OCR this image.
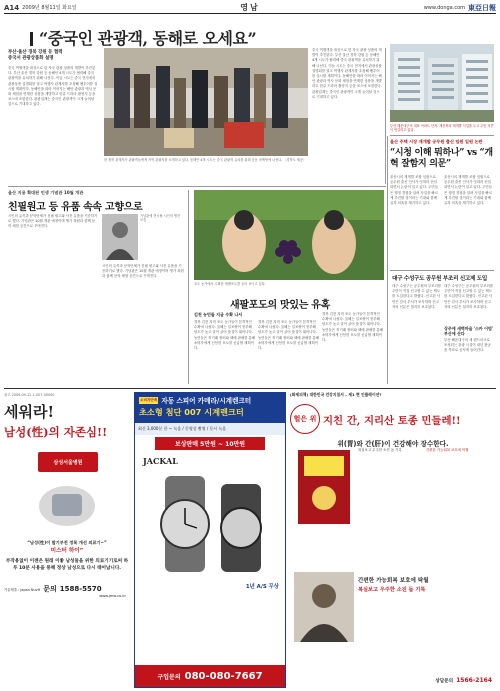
A14 2009년 8월11일 화요일	영남	www.donga.com 東亞日報
“중국인 관광객, 동해로 오세요”
부산·울산 경북 강원 등 협력
중국서 관광상품화 설명
중국 여행객을 대상으로 한 자국 관광 상품의 개발이 추진된다. 부산 울산 경북 강원 등 동해안 4개 시도가 협력해 중국 관광객을 유치하기 위해 나선다. 이들 시도는 중국 현지에서 관광상품 설명회를 열고 여행사 관계자를 초청해 팸투어를 실시할 계획이다. 동해안을 따라 이어지는 해안 관광과 역사 문화 체험을 연계한 상품을 개발하고 한류 드라마 촬영지 등을 코스에 포함한다. 관광업계는 중국인 관광객이 크게 늘어날 것으로 기대하고 있다.
한 경북 관계자가 관광객들에게 지역 관광지를 소개하고 있다. 동해안 4개 시도는 중국 관광객 유치를 위해 공동 마케팅에 나선다. 〈경북도 제공〉
중국 여행객을 대상으로 한 자국 관광 상품의 개발이 추진된다. 부산 울산 경북 강원 등 동해안 4개 시도가 협력해 중국 관광객을 유치하기 위해 나선다. 이들 시도는 중국 현지에서 관광상품 설명회를 열고 여행사 관계자를 초청해 팸투어를 실시할 계획이다. 동해안을 따라 이어지는 해안 관광과 역사 문화 체험을 연계한 상품을 개발하고 한류 드라마 촬영지 등을 코스에 포함한다. 관광업계는 중국인 관광객이 크게 늘어날 것으로 기대하고 있다.
부산 해운대구의 대표 아파트 단지. 재건축과 재개발 사업을 두고 주민 의견이 엇갈리고 있다.
울산 주택 시장 재개발 공무원 출신 임원 입원 논란
“시청 이해 뭐하나” vs “개혁 잘함지 의문”
울산시의 재개발 조합 임원으로 공무원 출신 인사가 잇따라 선임되면서 논란이 일고 있다. 주민들은 행정 경험을 살려 사업을 빠르게 추진할 것이라는 기대와 함께 유착 의혹을 제기하고 있다.
울산시의 재개발 조합 임원으로 공무원 출신 인사가 잇따라 선임되면서 논란이 일고 있다. 주민들은 행정 경험을 살려 사업을 빠르게 추진할 것이라는 기대와 함께 유착 의혹을 제기하고 있다.
울산 지용 확대된 인생 기념관 10월 개관
친필원고 등 유품 속속 고향으로
시인의 유족과 문학단체가 친필 원고와 사진 유품을 기증하기로 했다. 기념관은 10월 개관 예정이며 생가 복원과 함께 문학 체험 공간으로 꾸며진다.
기념관에 전시될 시인의 생전 모습
시인의 유족과 문학단체가 친필 원고와 사진 유품을 기증하기로 했다. 기념관은 10월 개관 예정이며 생가 복원과 함께 문학 체험 공간으로 꾸며진다.
포도 농가에서 수확한 새팔포도를 들어 보이고 있다.
새팔포도의 맛있는 유혹
김천 농민들 지금 수확 나서
경북 김천 지역 포도 농가들이 본격적인 수확에 나섰다. 올해는 일조량이 풍부해 당도가 높고 알이 굵어 품질이 뛰어나다. 농민들은 직거래 장터와 택배 판매를 통해 소비자에게 신선한 포도를 공급할 계획이다.
경북 김천 지역 포도 농가들이 본격적인 수확에 나섰다. 올해는 일조량이 풍부해 당도가 높고 알이 굵어 품질이 뛰어나다. 농민들은 직거래 장터와 택배 판매를 통해 소비자에게 신선한 포도를 공급할 계획이다.
경북 김천 지역 포도 농가들이 본격적인 수확에 나섰다. 올해는 일조량이 풍부해 당도가 높고 알이 굵어 품질이 뛰어나다. 농민들은 직거래 장터와 택배 판매를 통해 소비자에게 신선한 포도를 공급할 계획이다.
대구 수성구도 공무원 부조리 신고제 도입
대구 수성구는 공무원의 부조리를 주민이 직접 신고할 수 있는 제도를 도입한다고 밝혔다. 신고된 사안은 감사 부서가 조사하며 신고자의 신분은 철저히 보호된다.
대구 수성구는 공무원의 부조리를 주민이 직접 신고할 수 있는 제도를 도입한다고 밝혔다. 신고된 사안은 감사 부서가 조사하며 신고자의 신분은 철저히 보호된다.
상주에 새벽마을 '스카 이빔' 부산에 산다
부산 해운대구의 새 랜드마크로 조성되는 관광 시설이 내년 완공을 목표로 공사에 들어간다.
광고 2009-09-12-1-007-00000
세워라!
남성(性)의 자존심!!
삼성서울병원
“남성(性)이 발기부전 정복 개선 의료기~”
미스터 하이”
부작용없이 이젠은 원래 이좋 남성들을 위한 의료기기로써 하루 10분 사용을 통해 정상 남성으로 다시 태어납니다.
기술제휴 : Japan NuvH 문의 1588-5570
www.jmw.co.kr
소비자만족 자동 스피어 카메라/시계렌크터
초소형 첨단 007 시계렌크터
최신 3,000분 한 ~ 녹음 / 동영상 촬영 / 동시 녹음
보상판매 5만원 ~ 10만원
JACKAL
1년 A/S 무상
구입문의 080-080-7667
(화제의책) 대한민국 건강지침서 – 제1 현 인플레이션?
헐은 위 지친 간, 지리산 토종 민들레!!
위(胃)와 간(肝)이 건강해야 장수한다.
복실보고 우주한 소진 돕 기록	간편한 가능회복 보호에 탁월
간편한 가능회복 보호에 탁월
복실보고 우주한 소진 돕 기록
상담문의 1566-2164
